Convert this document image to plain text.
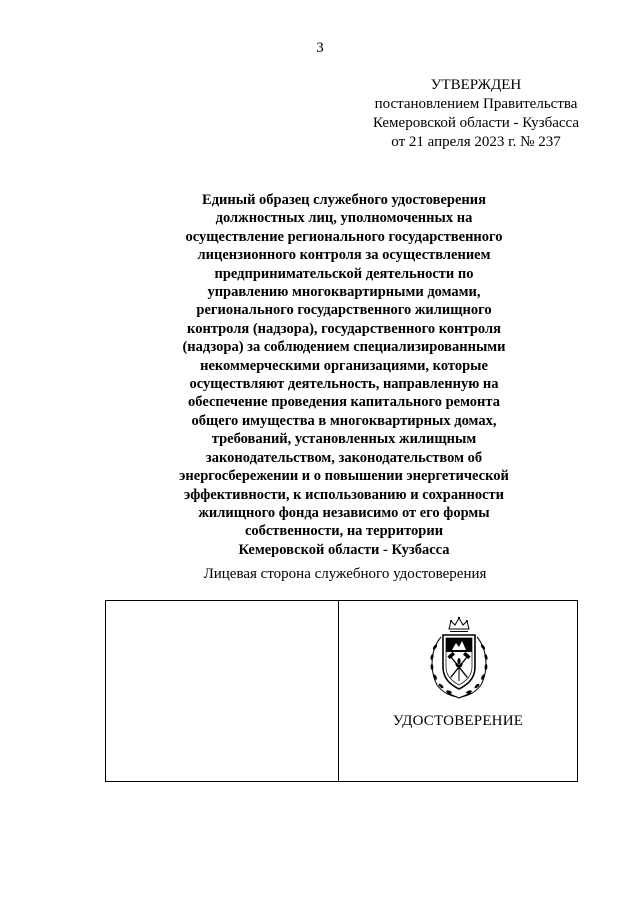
3
УТВЕРЖДЕН
постановлением Правительства
Кемеровской области - Кузбасса
от 21 апреля 2023 г. № 237
Единый образец служебного удостоверения
должностных лиц, уполномоченных на
осуществление регионального государственного
лицензионного контроля за осуществлением
предпринимательской деятельности по
управлению многоквартирными домами,
регионального государственного жилищного
контроля (надзора), государственного контроля
(надзора) за соблюдением специализированными
некоммерческими организациями, которые
осуществляют деятельность, направленную на
обеспечение проведения капитального ремонта
общего имущества в многоквартирных домах,
требований, установленных жилищным
законодательством, законодательством об
энергосбережении и о повышении энергетической
эффективности, к использованию и сохранности
жилищного фонда независимо от его формы
собственности, на территории
Кемеровской области - Кузбасса
Лицевая сторона служебного удостоверения
УДОСТОВЕРЕНИЕ
